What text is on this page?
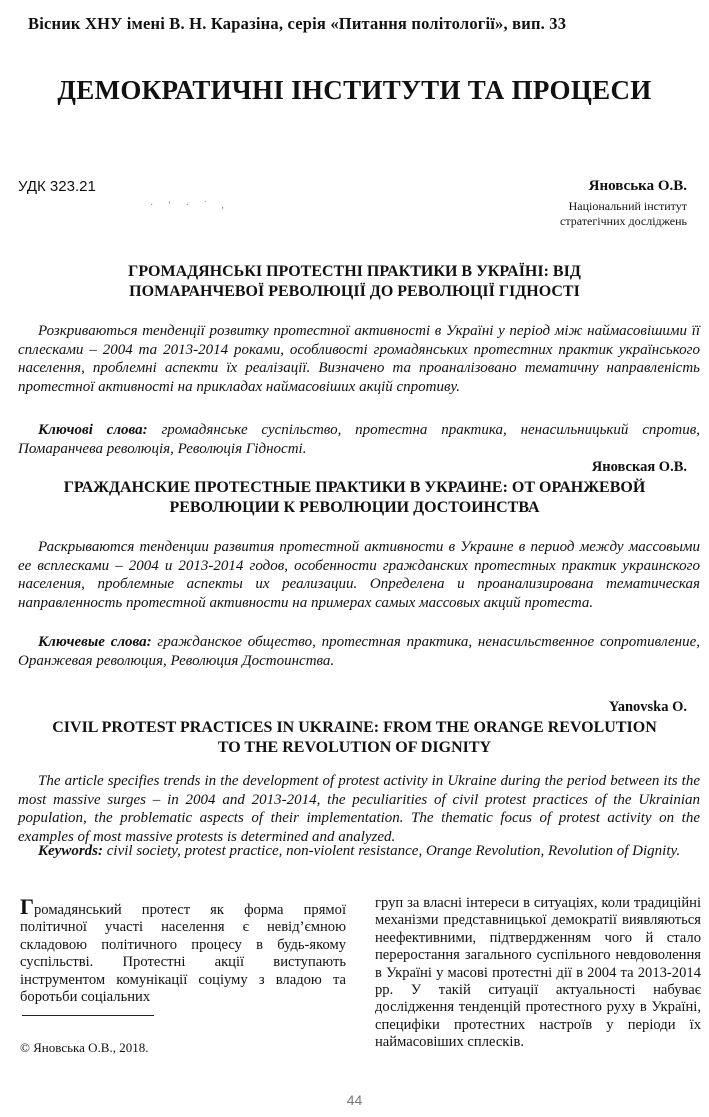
Вісник ХНУ імені В. Н. Каразіна, серія «Питання політології», вип. 33
ДЕМОКРАТИЧНІ ІНСТИТУТИ ТА ПРОЦЕСИ
УДК 323.21
· ‘ · ˙ ,
Яновська О.В.
Національний інститут
стратегічних досліджень
ГРОМАДЯНСЬКІ ПРОТЕСТНІ ПРАКТИКИ В УКРАЇНІ: ВІД
ПОМАРАНЧЕВОЇ РЕВОЛЮЦІЇ ДО РЕВОЛЮЦІЇ ГІДНОСТІ
Розкриваються тенденції розвитку протестної активності в Україні у період між наймасовішими її сплесками – 2004 та 2013-2014 роками, особливості громадянських протестних практик українського населення, проблемні аспекти їх реалізації. Визначено та проаналізовано тематичну направленість протестної активності на прикладах наймасовіших акцій спротиву.
Ключові слова: громадянське суспільство, протестна практика, ненасильницький спротив, Помаранчева революція, Революція Гідності.
Яновская О.В.
ГРАЖДАНСКИЕ ПРОТЕСТНЫЕ ПРАКТИКИ В УКРАИНЕ: ОТ ОРАНЖЕВОЙ
РЕВОЛЮЦИИ К РЕВОЛЮЦИИ ДОСТОИНСТВА
Раскрываются тенденции развития протестной активности в Украине в период между массовыми ее всплесками – 2004 и 2013-2014 годов, особенности гражданских протестных практик украинского населения, проблемные аспекты их реализации. Определена и проанализирована тематическая направленность протестной активности на примерах самых массовых акций протеста.
Ключевые слова: гражданское общество, протестная практика, ненасильственное сопротивление, Оранжевая революция, Революция Достоинства.
Yanovska O.
CIVIL PROTEST PRACTICES IN UKRAINE: FROM THE ORANGE REVOLUTION
TO THE REVOLUTION OF DIGNITY
The article specifies trends in the development of protest activity in Ukraine during the period between its the most massive surges – in 2004 and 2013-2014, the peculiarities of civil protest practices of the Ukrainian population, the problematic aspects of their implementation. The thematic focus of protest activity on the examples of most massive protests is determined and analyzed.
Keywords: civil society, protest practice, non-violent resistance, Orange Revolution, Revolution of Dignity.
Громадянський протест як форма прямої політичної участі населення є невід’ємною складовою політичного процесу в будь-якому суспільстві. Протестні акції виступають інструментом комунікації соціуму з владою та боротьби соціальних
груп за власні інтереси в ситуаціях, коли традиційні механізми представницької демократії виявляються неефективними, підтвердженням чого й стало переростання загального суспільного невдоволення в Україні у масові протестні дії в 2004 та 2013-2014 рр. У такій ситуації актуальності набуває дослідження тенденцій протестного руху в Україні, специфіки протестних настроїв у періоди їх наймасовіших сплесків.
© Яновська О.В., 2018.
44
